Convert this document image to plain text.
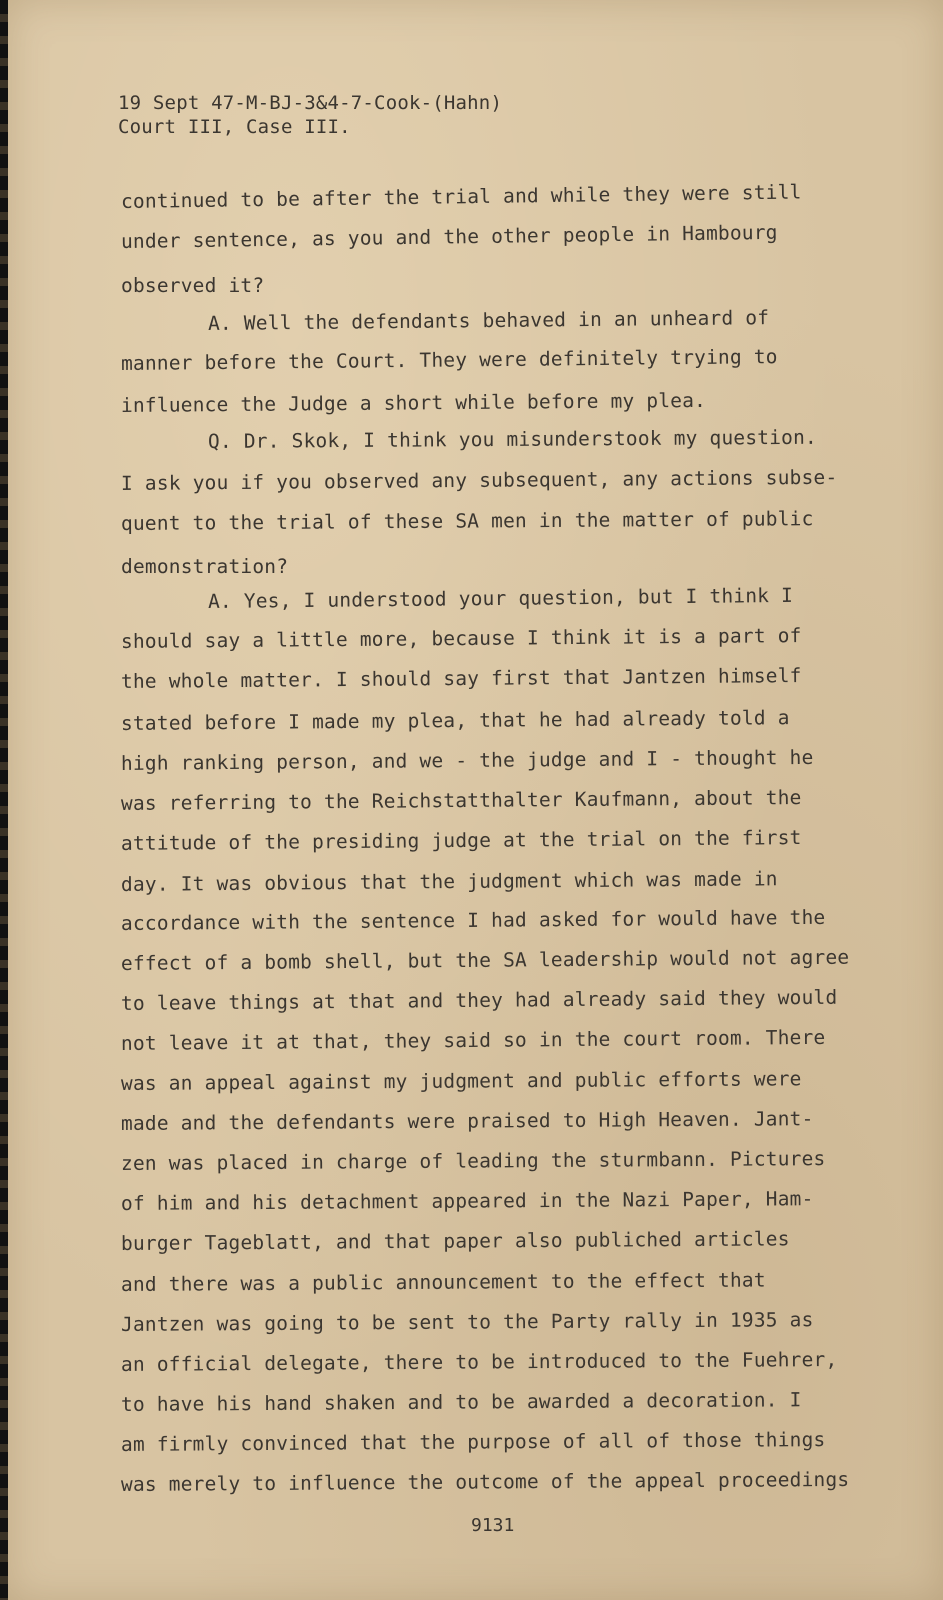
19 Sept 47-M-BJ-3&4-7-Cook-(Hahn)
Court III, Case III.
continued to be after the trial and while they were still
under sentence, as you and the other people in Hambourg
observed it?
A. Well the defendants behaved in an unheard of
manner before the Court. They were definitely trying to
influence the Judge a short while before my plea.
Q. Dr. Skok, I think you misunderstook my question.
I ask you if you observed any subsequent, any actions subse-
quent to the trial of these SA men in the matter of public
demonstration?
A. Yes, I understood your question, but I think I
should say a little more, because I think it is a part of
the whole matter. I should say first that Jantzen himself
stated before I made my plea, that he had already told a
high ranking person, and we - the judge and I - thought he
was referring to the Reichstatthalter Kaufmann, about the
attitude of the presiding judge at the trial on the first
day. It was obvious that the judgment which was made in
accordance with the sentence I had asked for would have the
effect of a bomb shell, but the SA leadership would not agree
to leave things at that and they had already said they would
not leave it at that, they said so in the court room. There
was an appeal against my judgment and public efforts were
made and the defendants were praised to High Heaven. Jant-
zen was placed in charge of leading the sturmbann. Pictures
of him and his detachment appeared in the Nazi Paper, Ham-
burger Tageblatt, and that paper also publiched articles
and there was a public announcement to the effect that
Jantzen was going to be sent to the Party rally in 1935 as
an official delegate, there to be introduced to the Fuehrer,
to have his hand shaken and to be awarded a decoration. I
am firmly convinced that the purpose of all of those things
was merely to influence the outcome of the appeal proceedings
9131
